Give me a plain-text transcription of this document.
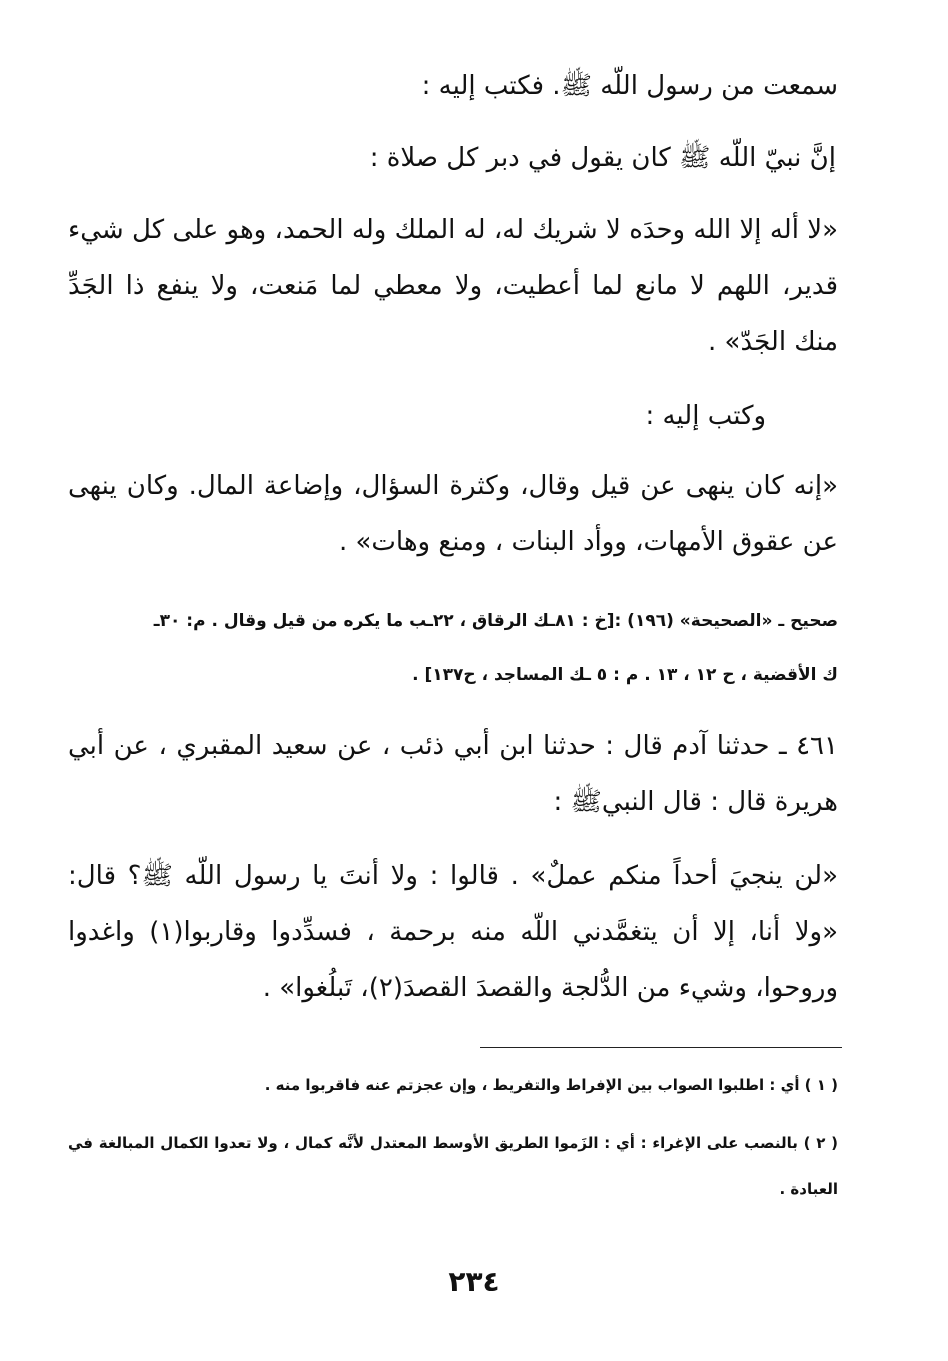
سمعت من رسول اللّه ﷺ. فكتب إليه :
إنَّ نبيّ اللّه ﷺ كان يقول في دبر كل صلاة :
«لا أله إلا الله وحدَه لا شريك له، له الملك وله الحمد، وهو على كل شيء قدير، اللهم لا مانع لما أعطيت، ولا معطي لما مَنعت، ولا ينفع ذا الجَدِّ منك الجَدّ» .
وكتب إليه :
«إنه كان ينهى عن قيل وقال، وكثرة السؤال، وإضاعة المال. وكان ينهى عن عقوق الأمهات، ووأد البنات ، ومنع وهات» .
صحيح ـ «الصحيحة» (١٩٦) :[خ : ٨١ـك الرقاق ، ٢٢ـب ما يكره من قيل وقال . م: ٣٠ـ
ك الأقضية ، ح ١٢ ، ١٣ . م : ٥ ـك المساجد ، ح١٣٧] .
٤٦١ ـ حدثنا آدم قال : حدثنا ابن أبي ذئب ، عن سعيد المقبري ، عن أبي هريرة قال : قال النبيﷺ :
«لن ينجيَ أحداً منكم عملٌ» . قالوا : ولا أنتَ يا رسول اللّه ﷺ؟ قال: «ولا أنا، إلا أن يتغمَّدني اللّه منه برحمة ، فسدِّدوا وقاربوا(١) واغدوا وروحوا، وشيء من الدُّلجة والقصدَ القصدَ(٢)، تَبلُغوا» .
( ١ ) أي : اطلبوا الصواب بين الإفراط والتفريط ، وإن عجزتم عنه فاقربوا منه .
( ٢ ) بالنصب على الإغراء : أي : الزَموا الطريق الأوسط المعتدل لأنَّه كمال ، ولا تعدوا الكمال المبالغة في العبادة .
٢٣٤
